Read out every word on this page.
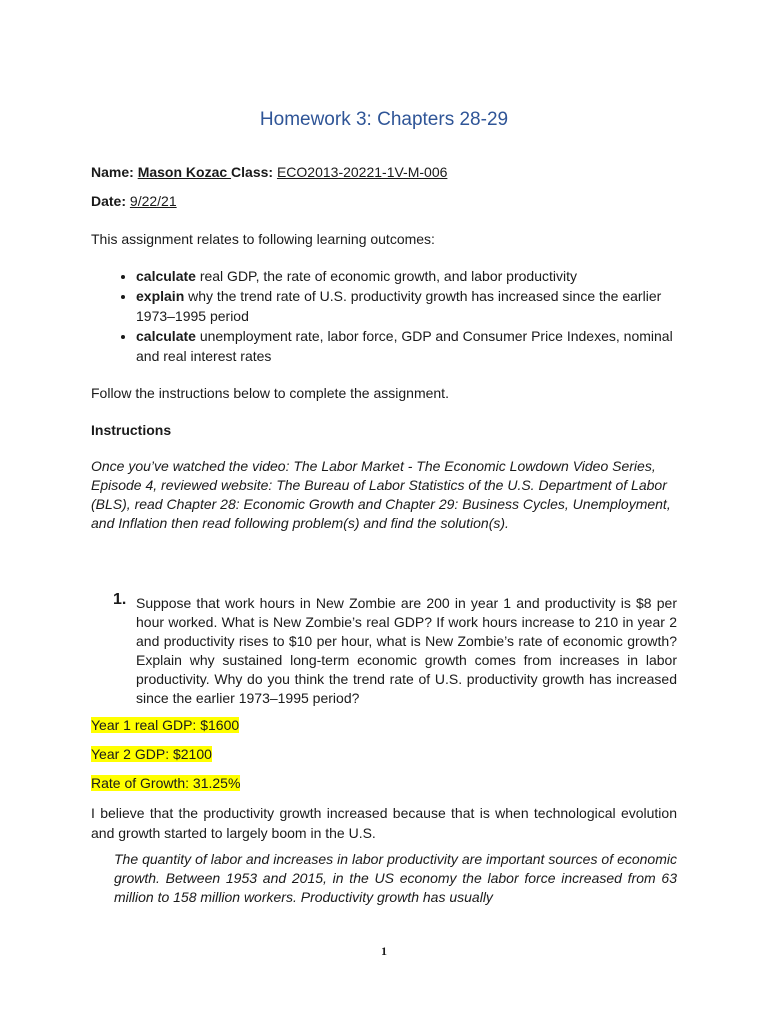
Homework 3: Chapters 28-29
Name: Mason Kozac Class: ECO2013-20221-1V-M-006
Date: 9/22/21
This assignment relates to following learning outcomes:
• calculate real GDP, the rate of economic growth, and labor productivity
• explain why the trend rate of U.S. productivity growth has increased since the earlier 1973–1995 period
• calculate unemployment rate, labor force, GDP and Consumer Price Indexes, nominal and real interest rates
Follow the instructions below to complete the assignment.
Instructions
Once you’ve watched the video: The Labor Market - The Economic Lowdown Video Series, Episode 4, reviewed website: The Bureau of Labor Statistics of the U.S. Department of Labor (BLS), read Chapter 28: Economic Growth and Chapter 29: Business Cycles, Unemployment, and Inflation then read following problem(s) and find the solution(s).
1. Suppose that work hours in New Zombie are 200 in year 1 and productivity is $8 per hour worked. What is New Zombie’s real GDP? If work hours increase to 210 in year 2 and productivity rises to $10 per hour, what is New Zombie’s rate of economic growth? Explain why sustained long-term economic growth comes from increases in labor productivity. Why do you think the trend rate of U.S. productivity growth has increased since the earlier 1973–1995 period?
Year 1 real GDP: $1600
Year 2 GDP: $2100
Rate of Growth: 31.25%
I believe that the productivity growth increased because that is when technological evolution and growth started to largely boom in the U.S.
The quantity of labor and increases in labor productivity are important sources of economic growth. Between 1953 and 2015, in the US economy the labor force increased from 63 million to 158 million workers. Productivity growth has usually
1
